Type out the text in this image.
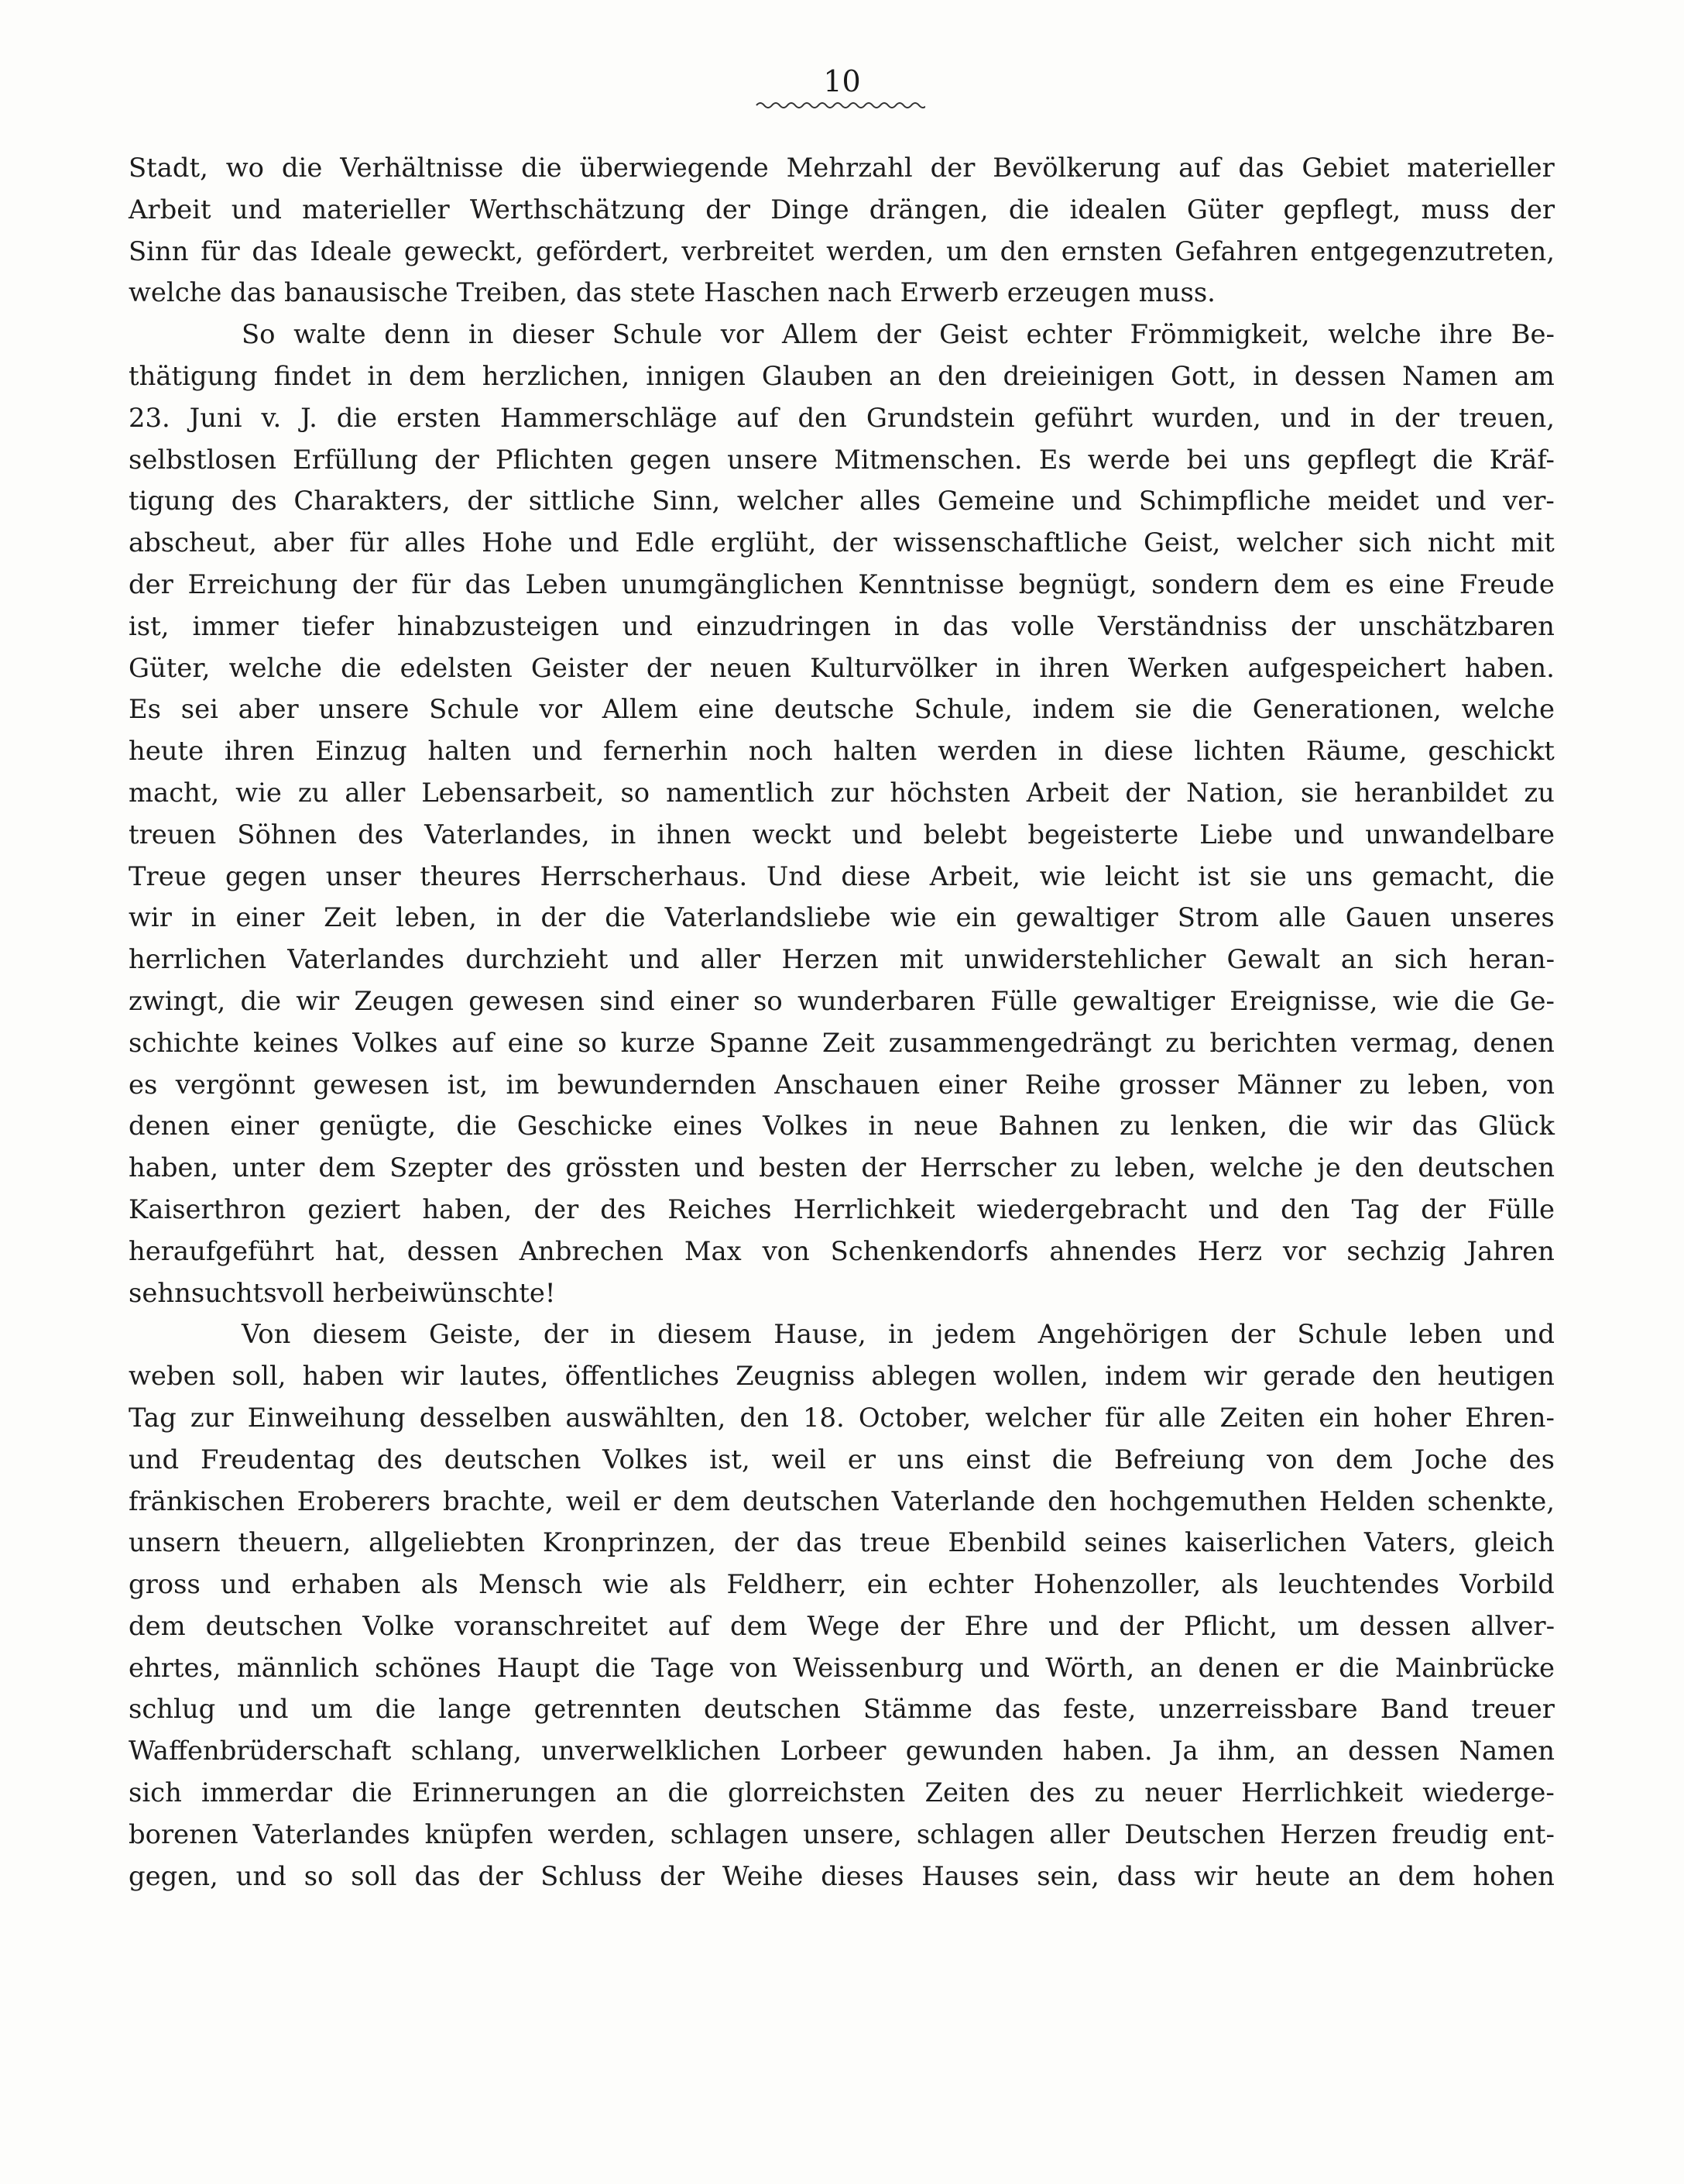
10
Stadt, wo die Verhältnisse die überwiegende Mehrzahl der Bevölkerung auf das Gebiet materieller
Arbeit und materieller Werthschätzung der Dinge drängen, die idealen Güter gepflegt, muss der
Sinn für das Ideale geweckt, gefördert, verbreitet werden, um den ernsten Gefahren entgegenzutreten,
welche das banausische Treiben, das stete Haschen nach Erwerb erzeugen muss.
So walte denn in dieser Schule vor Allem der Geist echter Frömmigkeit, welche ihre Be-
thätigung findet in dem herzlichen, innigen Glauben an den dreieinigen Gott, in dessen Namen am
23. Juni v. J. die ersten Hammerschläge auf den Grundstein geführt wurden, und in der treuen,
selbstlosen Erfüllung der Pflichten gegen unsere Mitmenschen. Es werde bei uns gepflegt die Kräf-
tigung des Charakters, der sittliche Sinn, welcher alles Gemeine und Schimpfliche meidet und ver-
abscheut, aber für alles Hohe und Edle erglüht, der wissenschaftliche Geist, welcher sich nicht mit
der Erreichung der für das Leben unumgänglichen Kenntnisse begnügt, sondern dem es eine Freude
ist, immer tiefer hinabzusteigen und einzudringen in das volle Verständniss der unschätzbaren
Güter, welche die edelsten Geister der neuen Kulturvölker in ihren Werken aufgespeichert haben.
Es sei aber unsere Schule vor Allem eine deutsche Schule, indem sie die Generationen, welche
heute ihren Einzug halten und fernerhin noch halten werden in diese lichten Räume, geschickt
macht, wie zu aller Lebensarbeit, so namentlich zur höchsten Arbeit der Nation, sie heranbildet zu
treuen Söhnen des Vaterlandes, in ihnen weckt und belebt begeisterte Liebe und unwandelbare
Treue gegen unser theures Herrscherhaus. Und diese Arbeit, wie leicht ist sie uns gemacht, die
wir in einer Zeit leben, in der die Vaterlandsliebe wie ein gewaltiger Strom alle Gauen unseres
herrlichen Vaterlandes durchzieht und aller Herzen mit unwiderstehlicher Gewalt an sich heran-
zwingt, die wir Zeugen gewesen sind einer so wunderbaren Fülle gewaltiger Ereignisse, wie die Ge-
schichte keines Volkes auf eine so kurze Spanne Zeit zusammengedrängt zu berichten vermag, denen
es vergönnt gewesen ist, im bewundernden Anschauen einer Reihe grosser Männer zu leben, von
denen einer genügte, die Geschicke eines Volkes in neue Bahnen zu lenken, die wir das Glück
haben, unter dem Szepter des grössten und besten der Herrscher zu leben, welche je den deutschen
Kaiserthron geziert haben, der des Reiches Herrlichkeit wiedergebracht und den Tag der Fülle
heraufgeführt hat, dessen Anbrechen Max von Schenkendorfs ahnendes Herz vor sechzig Jahren
sehnsuchtsvoll herbeiwünschte!
Von diesem Geiste, der in diesem Hause, in jedem Angehörigen der Schule leben und
weben soll, haben wir lautes, öffentliches Zeugniss ablegen wollen, indem wir gerade den heutigen
Tag zur Einweihung desselben auswählten, den 18. October, welcher für alle Zeiten ein hoher Ehren-
und Freudentag des deutschen Volkes ist, weil er uns einst die Befreiung von dem Joche des
fränkischen Eroberers brachte, weil er dem deutschen Vaterlande den hochgemuthen Helden schenkte,
unsern theuern, allgeliebten Kronprinzen, der das treue Ebenbild seines kaiserlichen Vaters, gleich
gross und erhaben als Mensch wie als Feldherr, ein echter Hohenzoller, als leuchtendes Vorbild
dem deutschen Volke voranschreitet auf dem Wege der Ehre und der Pflicht, um dessen allver-
ehrtes, männlich schönes Haupt die Tage von Weissenburg und Wörth, an denen er die Mainbrücke
schlug und um die lange getrennten deutschen Stämme das feste, unzerreissbare Band treuer
Waffenbrüderschaft schlang, unverwelklichen Lorbeer gewunden haben. Ja ihm, an dessen Namen
sich immerdar die Erinnerungen an die glorreichsten Zeiten des zu neuer Herrlichkeit wiederge-
borenen Vaterlandes knüpfen werden, schlagen unsere, schlagen aller Deutschen Herzen freudig ent-
gegen, und so soll das der Schluss der Weihe dieses Hauses sein, dass wir heute an dem hohen
